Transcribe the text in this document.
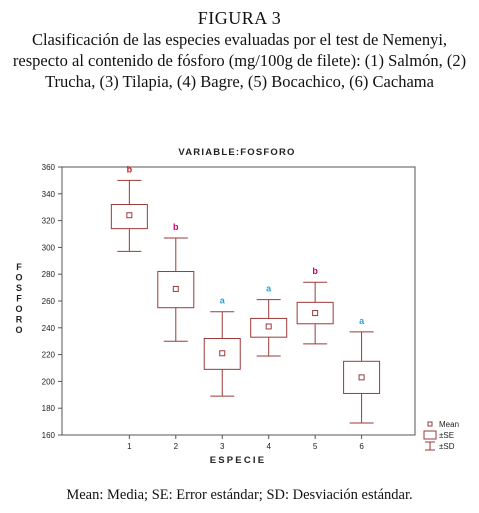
FIGURA 3
Clasificación de las especies evaluadas por el test de Nemenyi, respecto al contenido de fósforo (mg/100g de filete): (1) Salmón, (2) Trucha, (3) Tilapia, (4) Bagre, (5) Bocachico, (6) Cachama
VARIABLE:FOSFORO
160
180
200
220
240
260
280
300
320
340
360
1	2	3	4	5	6
b
b
a
a
b
a
F
O
S
F
O
R
O
ESPECIE
Mean
±SE
±SD
Mean: Media; SE: Error estándar; SD: Desviación estándar.
